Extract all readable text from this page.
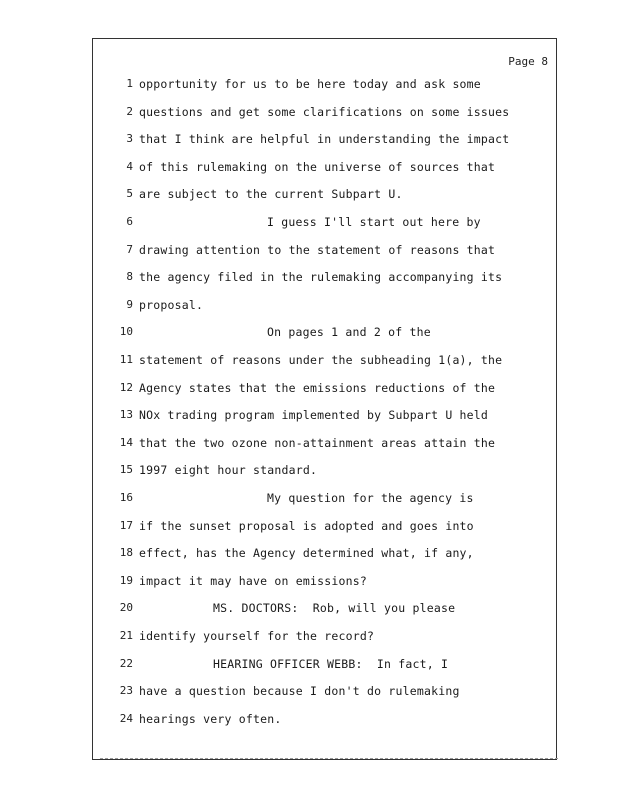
Page 8
1 opportunity for us to be here today and ask some
2 questions and get some clarifications on some issues
3 that I think are helpful in understanding the impact
4 of this rulemaking on the universe of sources that
5 are subject to the current Subpart U.
6	I guess I'll start out here by
7 drawing attention to the statement of reasons that
8 the agency filed in the rulemaking accompanying its
9 proposal.
10	On pages 1 and 2 of the
11 statement of reasons under the subheading 1(a), the
12 Agency states that the emissions reductions of the
13 NOx trading program implemented by Subpart U held
14 that the two ozone non-attainment areas attain the
15 1997 eight hour standard.
16	My question for the agency is
17 if the sunset proposal is adopted and goes into
18 effect, has the Agency determined what, if any,
19 impact it may have on emissions?
20	MS. DOCTORS:  Rob, will you please
21 identify yourself for the record?
22	HEARING OFFICER WEBB:  In fact, I
23 have a question because I don't do rulemaking
24 hearings very often.
